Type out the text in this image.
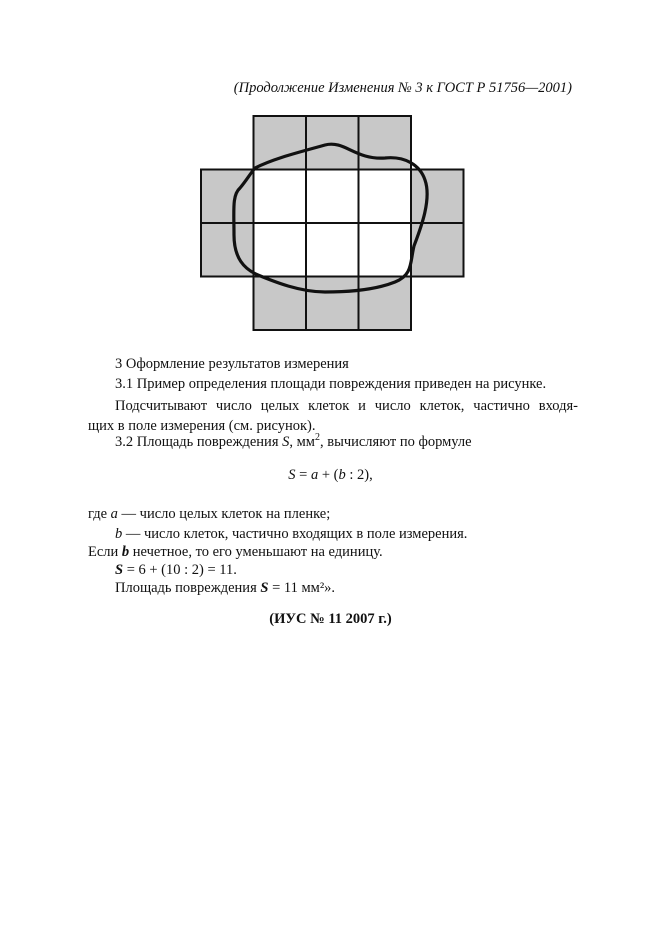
(Продолжение Изменения № 3 к ГОСТ Р 51756—2001)
3 Оформление результатов измерения
3.1 Пример определения площади повреждения приведен на рисунке.
Подсчитывают число целых клеток и число клеток, частично входя-
щих в поле измерения (см. рисунок).
3.2 Площадь повреждения S, $мм^2$, вычисляют по формуле
S = a + (b : 2),
где a — число целых клеток на пленке;
b — число клеток, частично входящих в поле измерения.
Если b нечетное, то его уменьшают на единицу.
S = 6 + (10 : 2) = 11.
Площадь повреждения S = 11 мм²».
(ИУС № 11 2007 г.)
